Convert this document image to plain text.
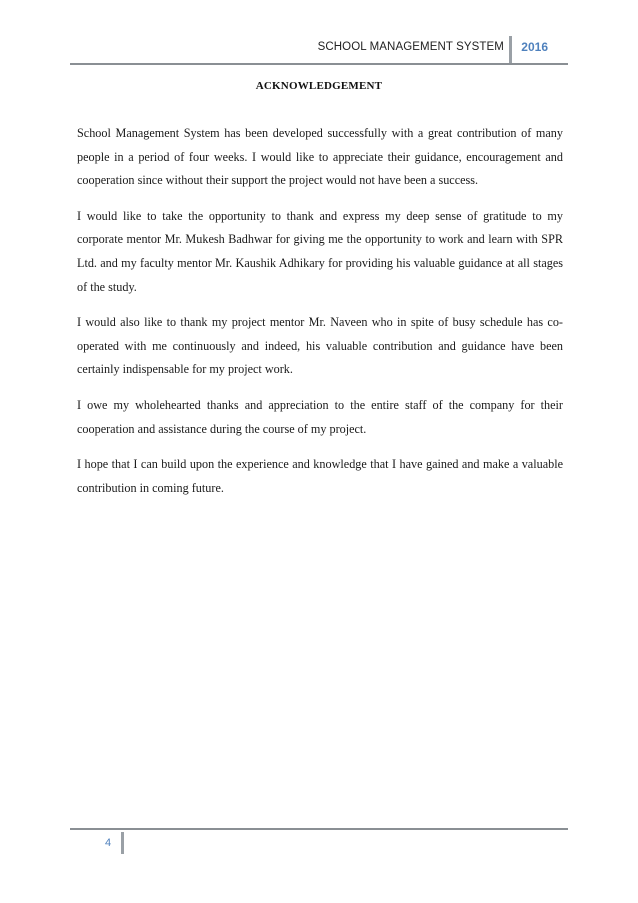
SCHOOL MANAGEMENT SYSTEM 2016
ACKNOWLEDGEMENT

School Management System has been developed successfully with a great contribution of many people in a period of four weeks. I would like to appreciate their guidance, encouragement and cooperation since without their support the project would not have been a success.

I would like to take the opportunity to thank and express my deep sense of gratitude to my corporate mentor Mr. Mukesh Badhwar for giving me the opportunity to work and learn with SPR Ltd. and my faculty mentor Mr. Kaushik Adhikary for providing his valuable guidance at all stages of the study.

I would also like to thank my project mentor Mr. Naveen who in spite of busy schedule has co-operated with me continuously and indeed, his valuable contribution and guidance have been certainly indispensable for my project work.

I owe my wholehearted thanks and appreciation to the entire staff of the company for their cooperation and assistance during the course of my project.

I hope that I can build upon the experience and knowledge that I have gained and make a valuable contribution in coming future.

4
